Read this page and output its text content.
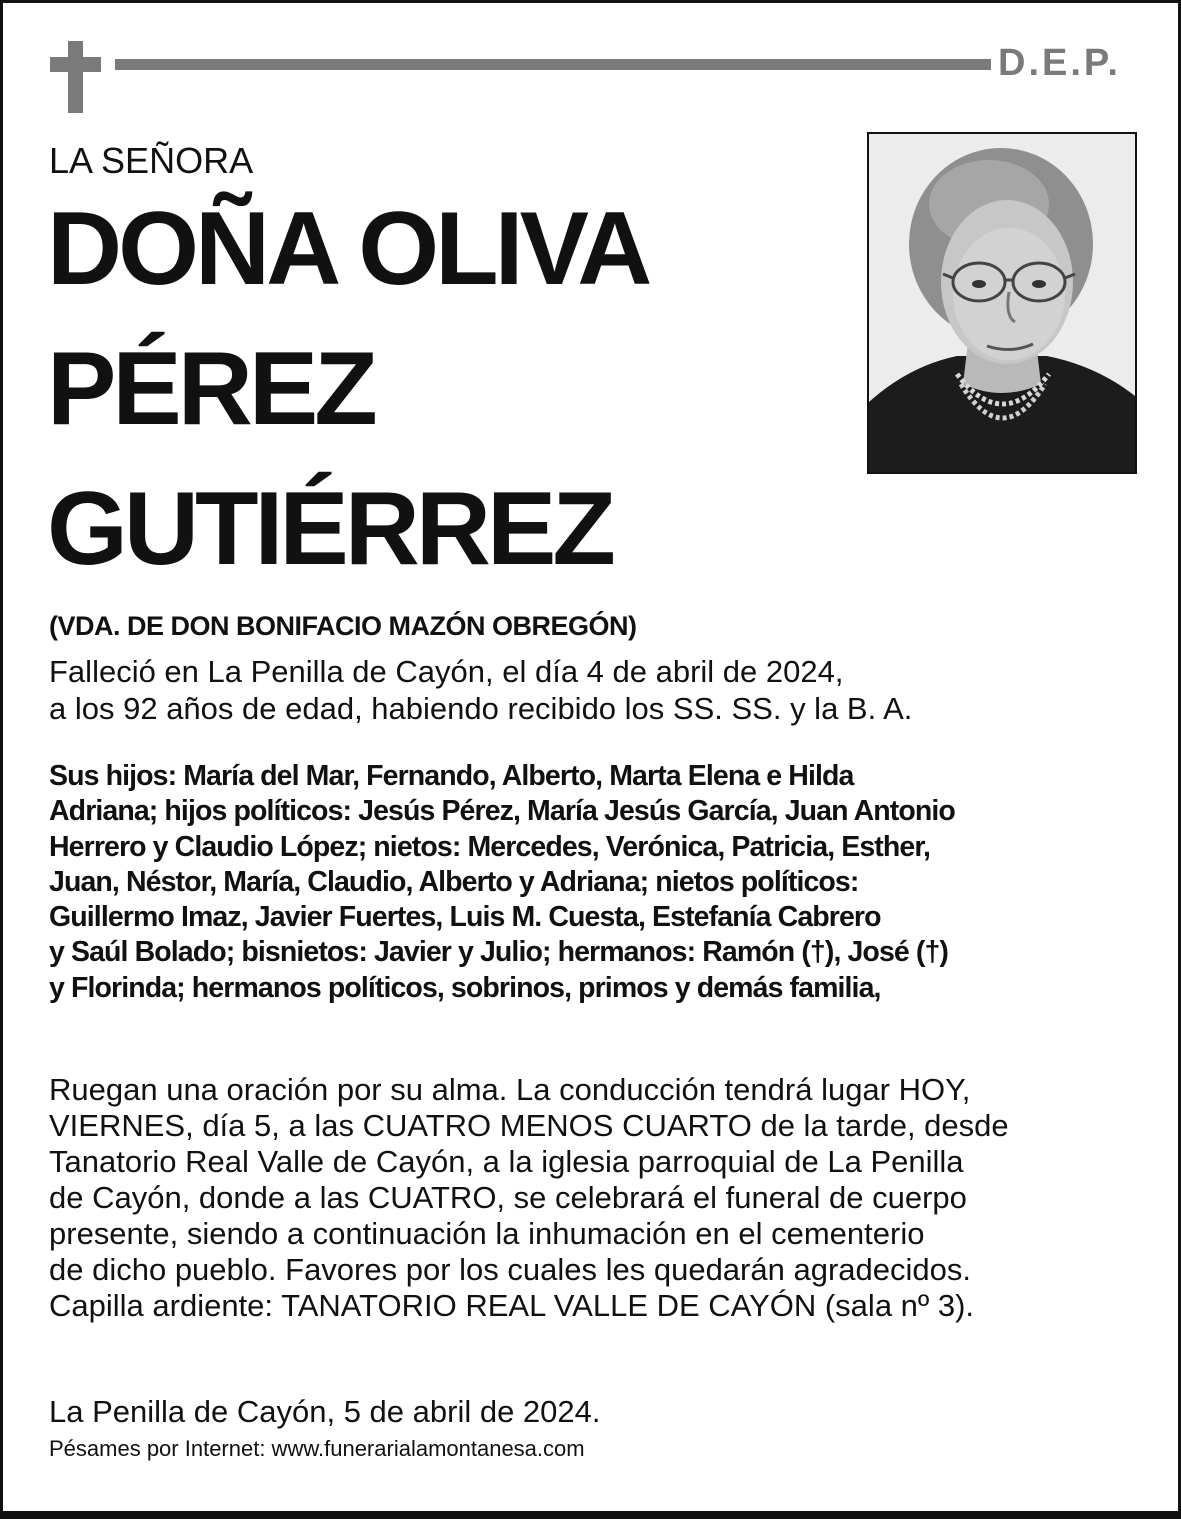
D.E.P.
LA SEÑORA
DOÑA OLIVA
PÉREZ
GUTIÉRREZ
(VDA. DE DON BONIFACIO MAZÓN OBREGÓN)
Falleció en La Penilla de Cayón, el día 4 de abril de 2024,
a los 92 años de edad, habiendo recibido los SS. SS. y la B. A.
Sus hijos: María del Mar, Fernando, Alberto, Marta Elena e Hilda
Adriana; hijos políticos: Jesús Pérez, María Jesús García, Juan Antonio
Herrero y Claudio López; nietos: Mercedes, Verónica, Patricia, Esther,
Juan, Néstor, María, Claudio, Alberto y Adriana; nietos políticos:
Guillermo Imaz, Javier Fuertes, Luis M. Cuesta, Estefanía Cabrero
y Saúl Bolado; bisnietos: Javier y Julio; hermanos: Ramón (†), José (†)
y Florinda; hermanos políticos, sobrinos, primos y demás familia,
Ruegan una oración por su alma. La conducción tendrá lugar HOY,
VIERNES, día 5, a las CUATRO MENOS CUARTO de la tarde, desde
Tanatorio Real Valle de Cayón, a la iglesia parroquial de La Penilla
de Cayón, donde a las CUATRO, se celebrará el funeral de cuerpo
presente, siendo a continuación la inhumación en el cementerio
de dicho pueblo. Favores por los cuales les quedarán agradecidos.
Capilla ardiente: TANATORIO REAL VALLE DE CAYÓN (sala nº 3).
La Penilla de Cayón, 5 de abril de 2024.
Pésames por Internet: www.funerarialamontanesa.com
